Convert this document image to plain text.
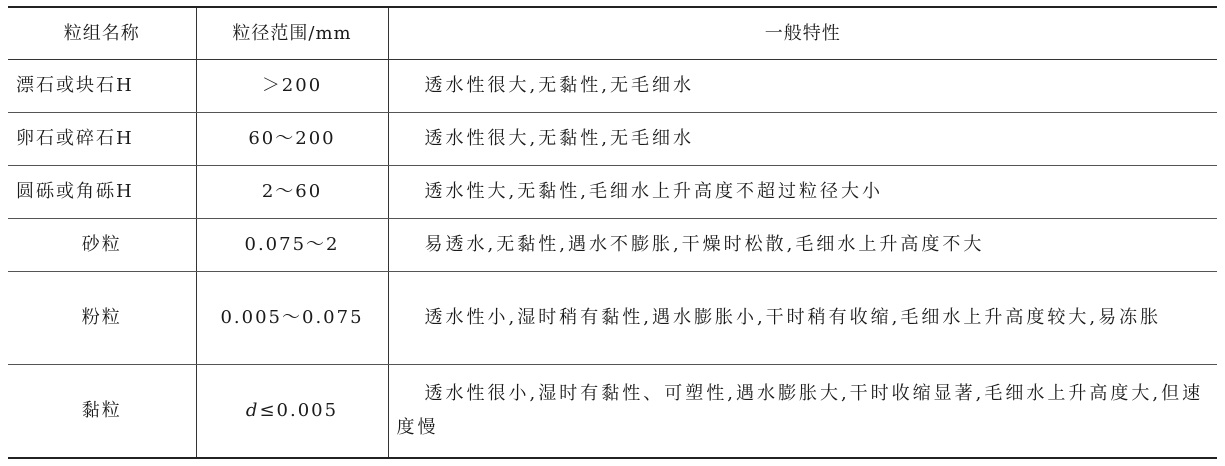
粒组名称	粒径范围/mm	一般特性
漂石或块石H	＞200	透水性很大,无黏性,无毛细水
卵石或碎石H	60～200	透水性很大,无黏性,无毛细水
圆砾或角砾H	2～60	透水性大,无黏性,毛细水上升高度不超过粒径大小
砂粒	0.075～2	易透水,无黏性,遇水不膨胀,干燥时松散,毛细水上升高度不大
粉粒	0.005～0.075	透水性小,湿时稍有黏性,遇水膨胀小,干时稍有收缩,毛细水上升高度较大,易冻胀
黏粒	d≤0.005	透水性很小,湿时有黏性、可塑性,遇水膨胀大,干时收缩显著,毛细水上升高度大,但速度慢
